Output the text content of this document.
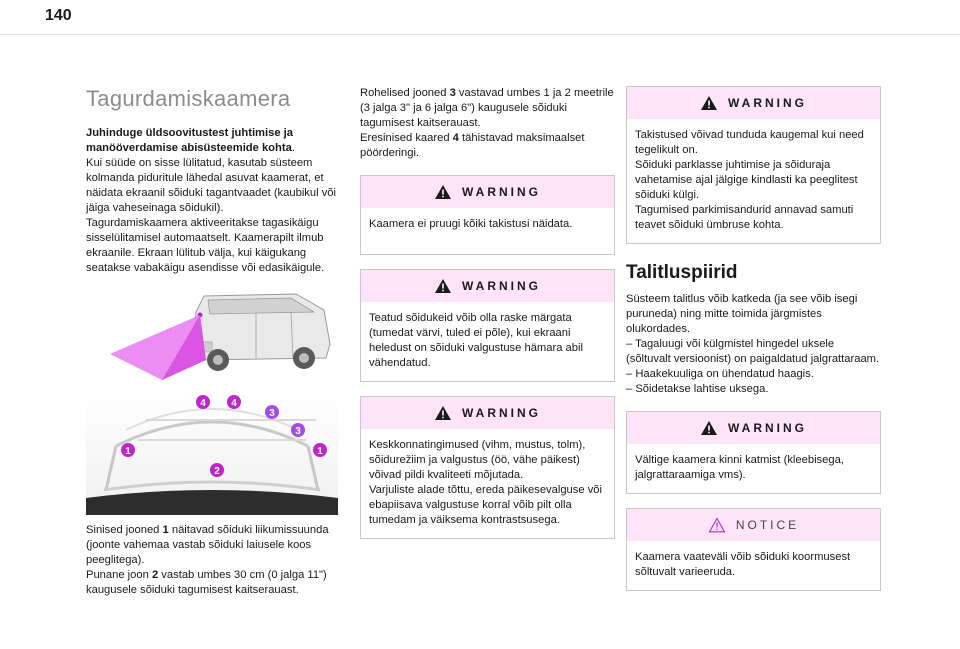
140
Tagurdamiskaamera

Juhinduge üldsoovitustest juhtimise ja manööverdamise abisüsteemide kohta.

Kui süüde on sisse lülitatud, kasutab süsteem kolmanda piduritule lähedal asuvat kaamerat, et näidata ekraanil sõiduki tagantvaadet (kaubikul või jäiga vaheseinaga sõidukil).

Tagurdamiskaamera aktiveeritakse tagasikäigu sisselülitamisel automaatselt. Kaamerapilt ilmub ekraanile. Ekraan lülitub välja, kui käigukang seatakse vabakäigu asendisse või edasikäigule.

4	4
3
3
1	1
2

Sinised jooned 1 näitavad sõiduki liikumissuunda (joonte vahemaa vastab sõiduki laiusele koos peeglitega).

Punane joon 2 vastab umbes 30 cm (0 jalga 11") kaugusele sõiduki tagumisest kaitserauast.

Rohelised jooned 3 vastavad umbes 1 ja 2 meetrile (3 jalga 3" ja 6 jalga 6") kaugusele sõiduki tagumisest kaitserauast.

Eresinised kaared 4 tähistavad maksimaalset pöörderingi.

WARNING

Kaamera ei pruugi kõiki takistusi näidata.

WARNING

Teatud sõidukeid võib olla raske märgata (tumedat värvi, tuled ei põle), kui ekraani heledust on sõiduki valgustuse hämara abil vähendatud.

WARNING

Keskkonnatingimused (vihm, mustus, tolm), sõidurežiim ja valgustus (öö, vähe päikest) võivad pildi kvaliteeti mõjutada.

Varjuliste alade tõttu, ereda päikesevalguse või ebapiisava valgustuse korral võib pilt olla tumedam ja väiksema kontrastsusega.

WARNING

Takistused võivad tunduda kaugemal kui need tegelikult on.

Sõiduki parklasse juhtimise ja sõiduraja vahetamise ajal jälgige kindlasti ka peeglitest sõiduki külgi.

Tagumised parkimisandurid annavad samuti teavet sõiduki ümbruse kohta.

Talitluspiirid

Süsteem talitlus võib katkeda (ja see võib isegi puruneda) ning mitte toimida järgmistes olukordades.

– Tagaluugi või külgmistel hingedel uksele (sõltuvalt versioonist) on paigaldatud jalgrattaraam.

– Haakekuuliga on ühendatud haagis.

– Sõidetakse lahtise uksega.

WARNING

Vältige kaamera kinni katmist (kleebisega, jalgrattaraamiga vms).

NOTICE

Kaamera vaateväli võib sõiduki koormusest sõltuvalt varieeruda.
